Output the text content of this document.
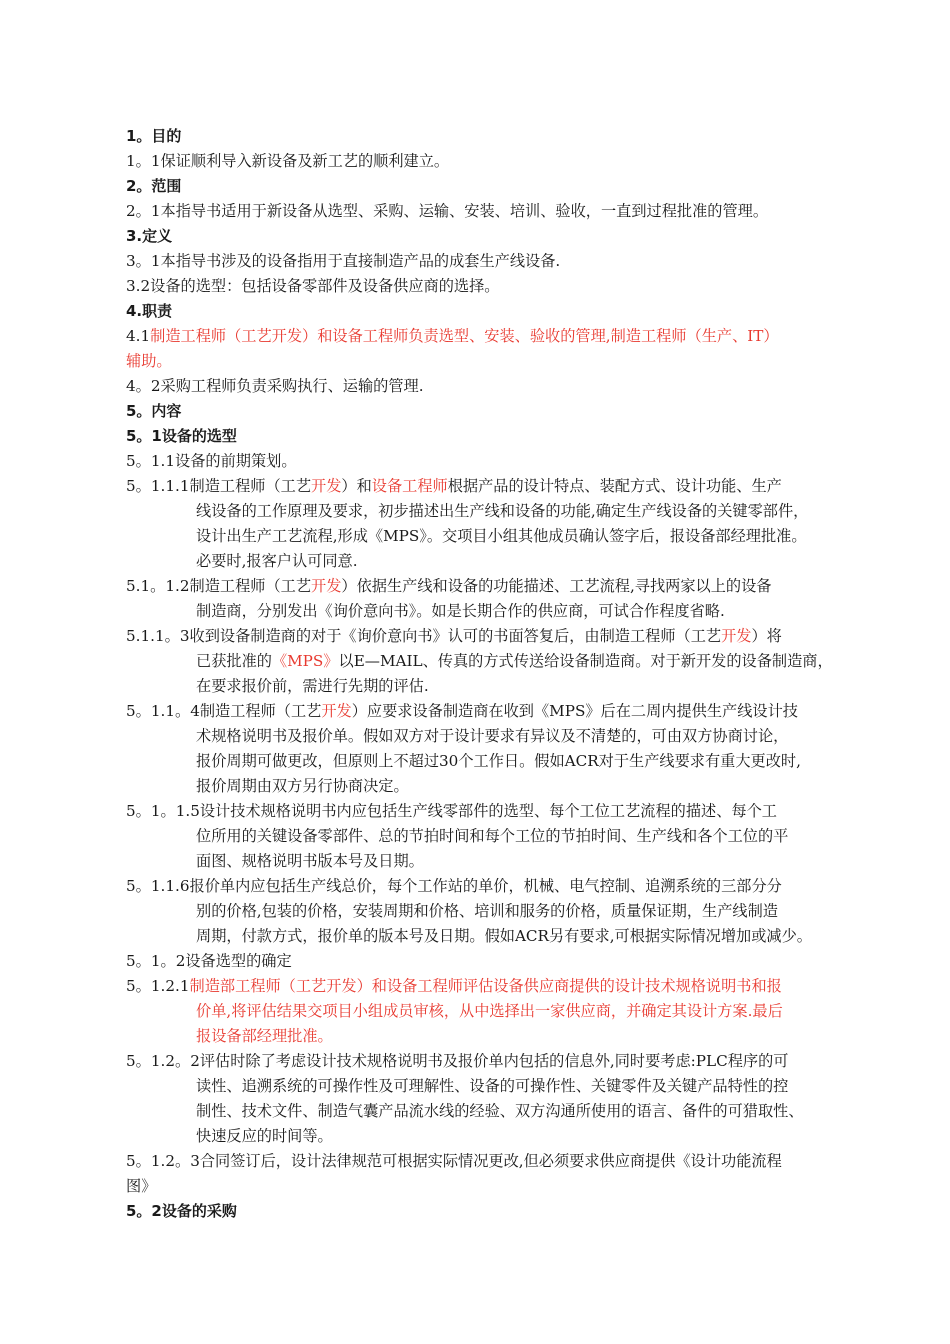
1。目的
1。1保证顺利导入新设备及新工艺的顺利建立。
2。范围
2。1本指导书适用于新设备从选型、采购、运输、安装、培训、验收，一直到过程批准的管理。
3.定义
3。1本指导书涉及的设备指用于直接制造产品的成套生产线设备.
3.2设备的选型：包括设备零部件及设备供应商的选择。
4.职责
4.1制造工程师（工艺开发）和设备工程师负责选型、安装、验收的管理,制造工程师（生产、IT）
辅助。
4。2采购工程师负责采购执行、运输的管理.
5。内容
5。1设备的选型
5。1.1设备的前期策划。
5。1.1.1制造工程师（工艺开发）和设备工程师根据产品的设计特点、装配方式、设计功能、生产
线设备的工作原理及要求，初步描述出生产线和设备的功能,确定生产线设备的关键零部件，
设计出生产工艺流程,形成《MPS》。交项目小组其他成员确认签字后，报设备部经理批准。
必要时,报客户认可同意.
5.1。1.2制造工程师（工艺开发）依据生产线和设备的功能描述、工艺流程,寻找两家以上的设备
制造商，分别发出《询价意向书》。如是长期合作的供应商，可试合作程度省略.
5.1.1。3收到设备制造商的对于《询价意向书》认可的书面答复后，由制造工程师（工艺开发）将
已获批准的《MPS》以E—MAIL、传真的方式传送给设备制造商。对于新开发的设备制造商，
在要求报价前，需进行先期的评估.
5。1.1。4制造工程师（工艺开发）应要求设备制造商在收到《MPS》后在二周内提供生产线设计技
术规格说明书及报价单。假如双方对于设计要求有异议及不清楚的，可由双方协商讨论，
报价周期可做更改，但原则上不超过30个工作日。假如ACR对于生产线要求有重大更改时,
报价周期由双方另行协商决定。
5。1。1.5设计技术规格说明书内应包括生产线零部件的选型、每个工位工艺流程的描述、每个工
位所用的关键设备零部件、总的节拍时间和每个工位的节拍时间、生产线和各个工位的平
面图、规格说明书版本号及日期。
5。1.1.6报价单内应包括生产线总价，每个工作站的单价，机械、电气控制、追溯系统的三部分分
别的价格,包装的价格，安装周期和价格、培训和服务的价格，质量保证期，生产线制造
周期，付款方式，报价单的版本号及日期。假如ACR另有要求,可根据实际情况增加或减少。
5。1。2设备选型的确定
5。1.2.1制造部工程师（工艺开发）和设备工程师评估设备供应商提供的设计技术规格说明书和报
价单,将评估结果交项目小组成员审核，从中选择出一家供应商，并确定其设计方案.最后
报设备部经理批准。
5。1.2。2评估时除了考虑设计技术规格说明书及报价单内包括的信息外,同时要考虑:PLC程序的可
读性、追溯系统的可操作性及可理解性、设备的可操作性、关键零件及关键产品特性的控
制性、技术文件、制造气囊产品流水线的经验、双方沟通所使用的语言、备件的可猎取性、
快速反应的时间等。
5。1.2。3合同签订后，设计法律规范可根据实际情况更改,但必须要求供应商提供《设计功能流程
图》
5。2设备的采购
